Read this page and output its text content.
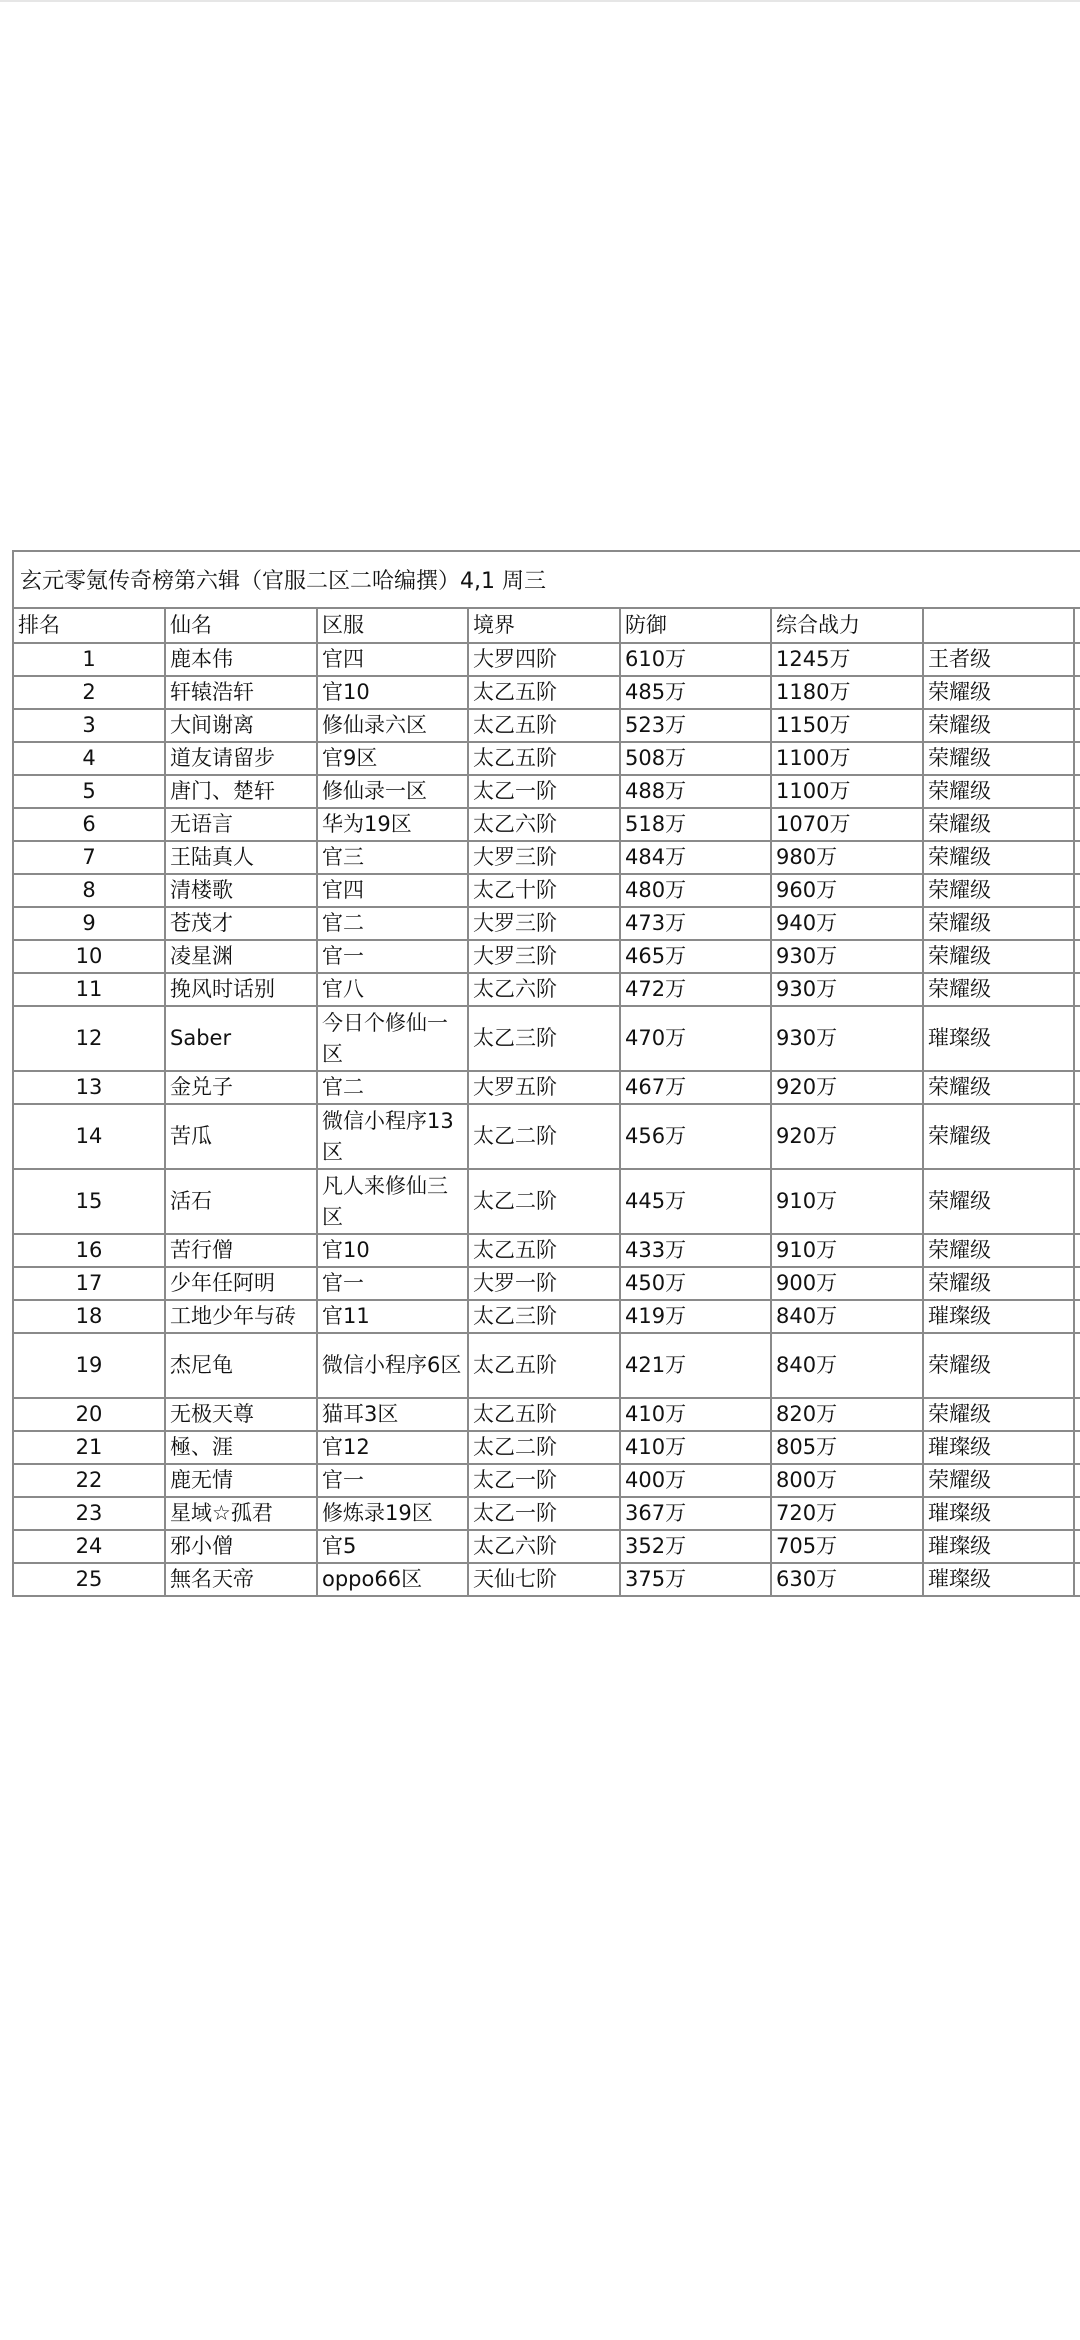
玄元零氪传奇榜第六辑（官服二区二哈编撰）4,1 周三
排名	仙名	区服	境界	防御	综合战力		
1	鹿本伟	官四	大罗四阶	610万	1245万	王者级	
2	轩辕浩轩	官10	太乙五阶	485万	1180万	荣耀级	
3	大间谢离	修仙录六区	太乙五阶	523万	1150万	荣耀级	
4	道友请留步	官9区	太乙五阶	508万	1100万	荣耀级	
5	唐门、楚轩	修仙录一区	太乙一阶	488万	1100万	荣耀级	
6	无语言	华为19区	太乙六阶	518万	1070万	荣耀级	
7	王陆真人	官三	大罗三阶	484万	980万	荣耀级	
8	清楼歌	官四	太乙十阶	480万	960万	荣耀级	
9	苍茂才	官二	大罗三阶	473万	940万	荣耀级	
10	凌星渊	官一	大罗三阶	465万	930万	荣耀级	
11	挽风时话别	官八	太乙六阶	472万	930万	荣耀级	
12	Saber	今日个修仙一区	太乙三阶	470万	930万	璀璨级	
13	金兑子	官二	大罗五阶	467万	920万	荣耀级	
14	苦瓜	微信小程序13区	太乙二阶	456万	920万	荣耀级	
15	活石	凡人来修仙三区	太乙二阶	445万	910万	荣耀级	
16	苦行僧	官10	太乙五阶	433万	910万	荣耀级	
17	少年任阿明	官一	大罗一阶	450万	900万	荣耀级	
18	工地少年与砖	官11	太乙三阶	419万	840万	璀璨级	
19	杰尼龟	微信小程序6区	太乙五阶	421万	840万	荣耀级	
20	无极天尊	猫耳3区	太乙五阶	410万	820万	荣耀级	
21	極、涯	官12	太乙二阶	410万	805万	璀璨级	
22	鹿无情	官一	太乙一阶	400万	800万	荣耀级	
23	星域☆孤君	修炼录19区	太乙一阶	367万	720万	璀璨级	
24	邪小僧	官5	太乙六阶	352万	705万	璀璨级	
25	無名天帝	oppo66区	天仙七阶	375万	630万	璀璨级	
